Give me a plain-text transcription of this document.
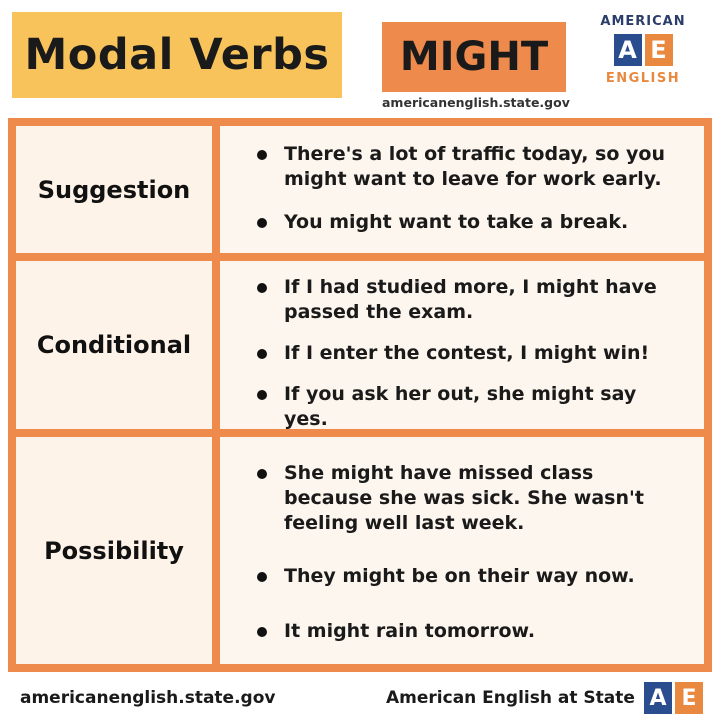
Modal Verbs MIGHT
americanenglish.state.gov
AMERICAN
A E
ENGLISH
Suggestion
There's a lot of traffic today, so you might want to leave for work early.
You might want to take a break.
Conditional
If I had studied more, I might have passed the exam.
If I enter the contest, I might win!
If you ask her out, she might say yes.
Possibility
She might have missed class because she was sick. She wasn't feeling well last week.
They might be on their way now.
It might rain tomorrow.
americanenglish.state.gov	American English at State A E
